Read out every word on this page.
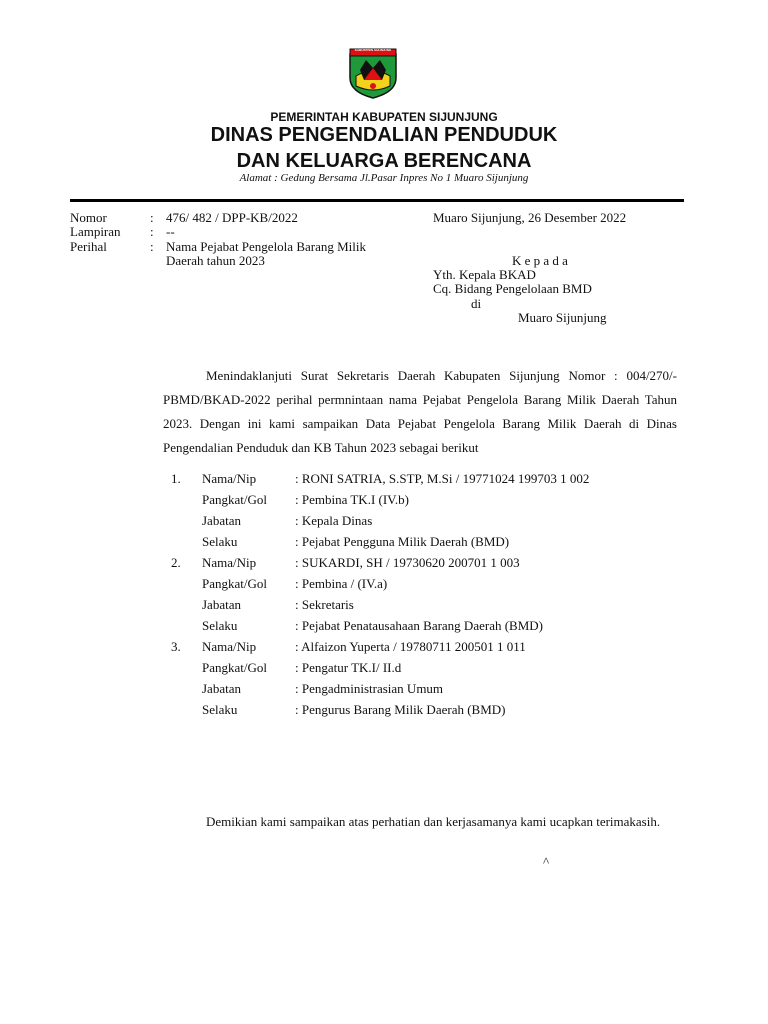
KABUPATEN SIJUNJUNG
PEMERINTAH KABUPATEN SIJUNJUNG
DINAS PENGENDALIAN PENDUDUK
DAN KELUARGA BERENCANA
Alamat : Gedung Bersama Jl.Pasar Inpres No 1 Muaro Sijunjung
Nomor	: 476/ 482 / DPP-KB/2022
Lampiran : --
Perihal	: Nama Pejabat Pengelola Barang Milik
Daerah tahun 2023
Muaro Sijunjung, 26 Desember 2022
K e p a d a
Yth. Kepala BKAD
Cq. Bidang Pengelolaan BMD
di
Muaro Sijunjung
Menindaklanjuti Surat Sekretaris Daerah Kabupaten Sijunjung Nomor : 004/270/-PBMD/BKAD-2022 perihal permnintaan nama Pejabat Pengelola Barang Milik Daerah Tahun 2023. Dengan ini kami sampaikan Data Pejabat Pengelola Barang Milik Daerah di Dinas Pengendalian Penduduk dan KB Tahun 2023 sebagai berikut
1. Nama/Nip	: RONI SATRIA, S.STP, M.Si / 19771024 199703 1 002
Pangkat/Gol : Pembina TK.I (IV.b)
Jabatan	: Kepala Dinas
Selaku	: Pejabat Pengguna Milik Daerah (BMD)
2. Nama/Nip	: SUKARDI, SH / 19730620 200701 1 003
Pangkat/Gol : Pembina / (IV.a)
Jabatan	: Sekretaris
Selaku	: Pejabat Penatausahaan Barang Daerah (BMD)
3. Nama/Nip	: Alfaizon Yuperta / 19780711 200501 1 011
Pangkat/Gol : Pengatur TK.I/ II.d
Jabatan	: Pengadministrasian Umum
Selaku	: Pengurus Barang Milik Daerah (BMD)
Demikian kami sampaikan atas perhatian dan kerjasamanya kami ucapkan terimakasih.
^
